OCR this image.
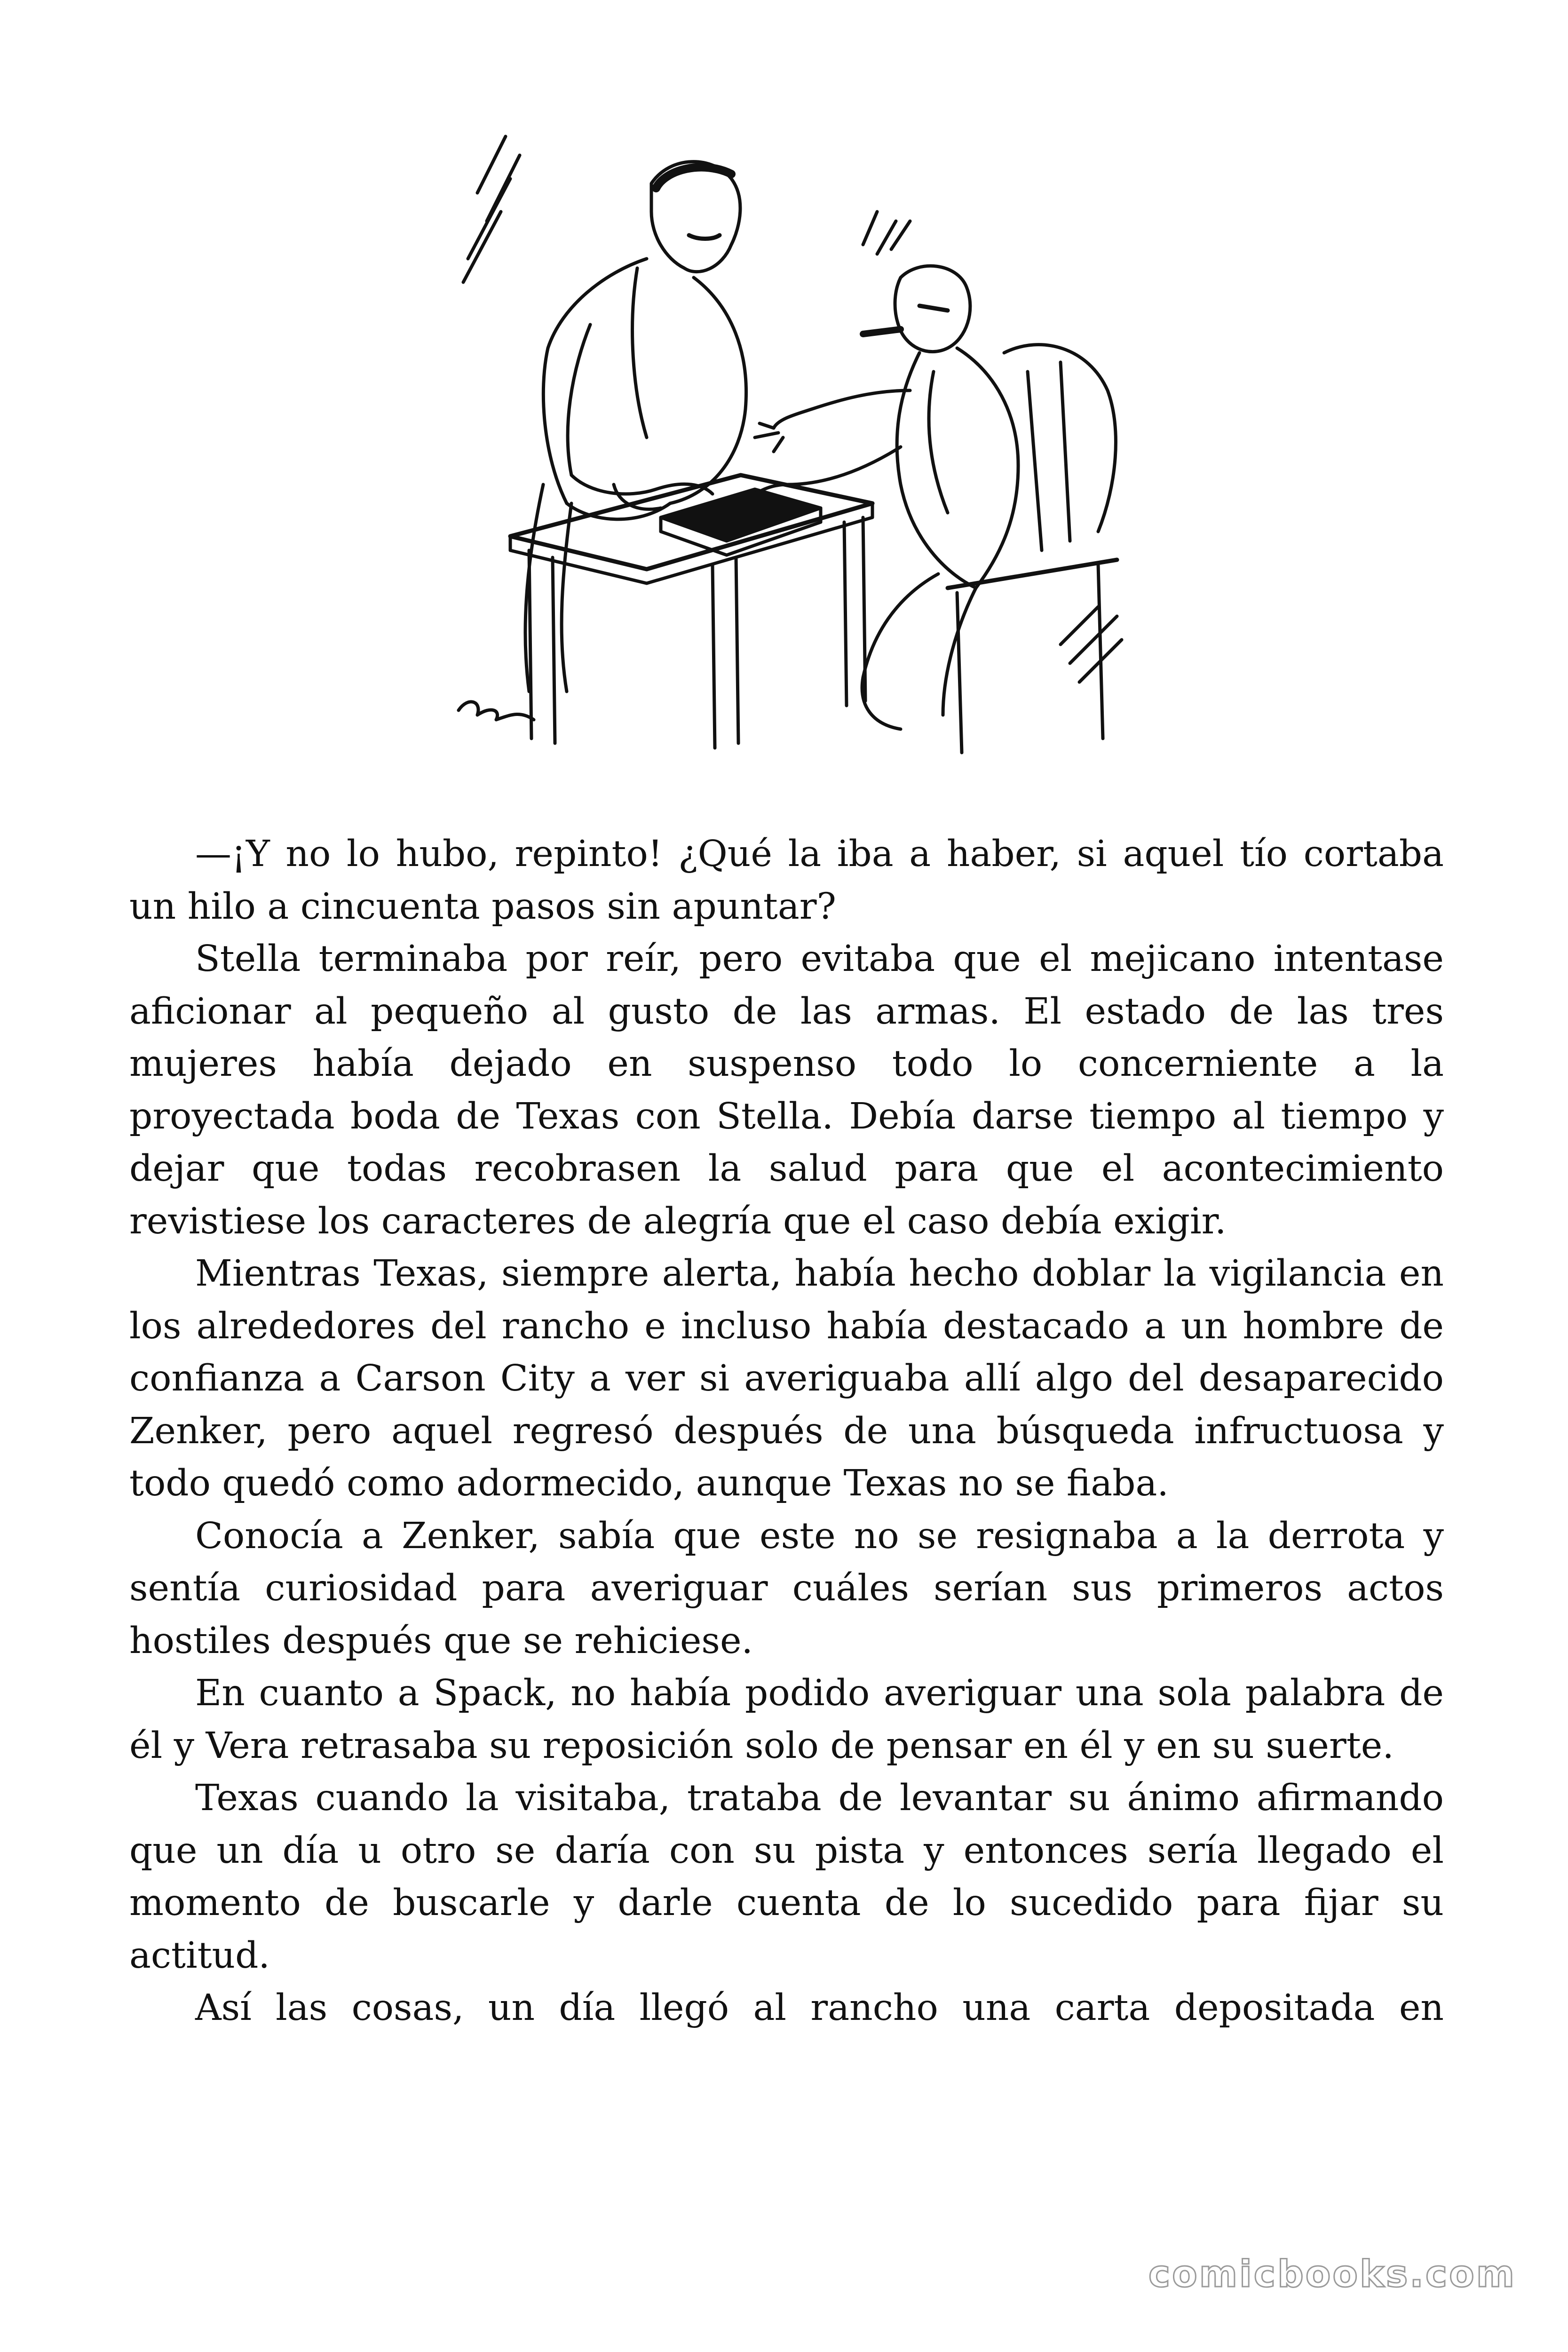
—¡Y no lo hubo, repinto! ¿Qué la iba a haber, si aquel tío cortaba un hilo a cincuenta pasos sin apuntar?

Stella terminaba por reír, pero evitaba que el mejicano intentase aficionar al pequeño al gusto de las armas. El estado de las tres mujeres había dejado en suspenso todo lo concerniente a la proyectada boda de Texas con Stella. Debía darse tiempo al tiempo y dejar que todas recobrasen la salud para que el acontecimiento revistiese los caracteres de alegría que el caso debía exigir.

Mientras Texas, siempre alerta, había hecho doblar la vigilancia en los alrededores del rancho e incluso había destacado a un hombre de confianza a Carson City a ver si averiguaba allí algo del desaparecido Zenker, pero aquel regresó después de una búsqueda infructuosa y todo quedó como adormecido, aunque Texas no se fiaba.

Conocía a Zenker, sabía que este no se resignaba a la derrota y sentía curiosidad para averiguar cuáles serían sus primeros actos hostiles después que se rehiciese.

En cuanto a Spack, no había podido averiguar una sola palabra de él y Vera retrasaba su reposición solo de pensar en él y en su suerte.

Texas cuando la visitaba, trataba de levantar su ánimo afirmando que un día u otro se daría con su pista y entonces sería llegado el momento de buscarle y darle cuenta de lo sucedido para fijar su actitud.

Así las cosas, un día llegó al rancho una carta depositada en

comicbooks.com
